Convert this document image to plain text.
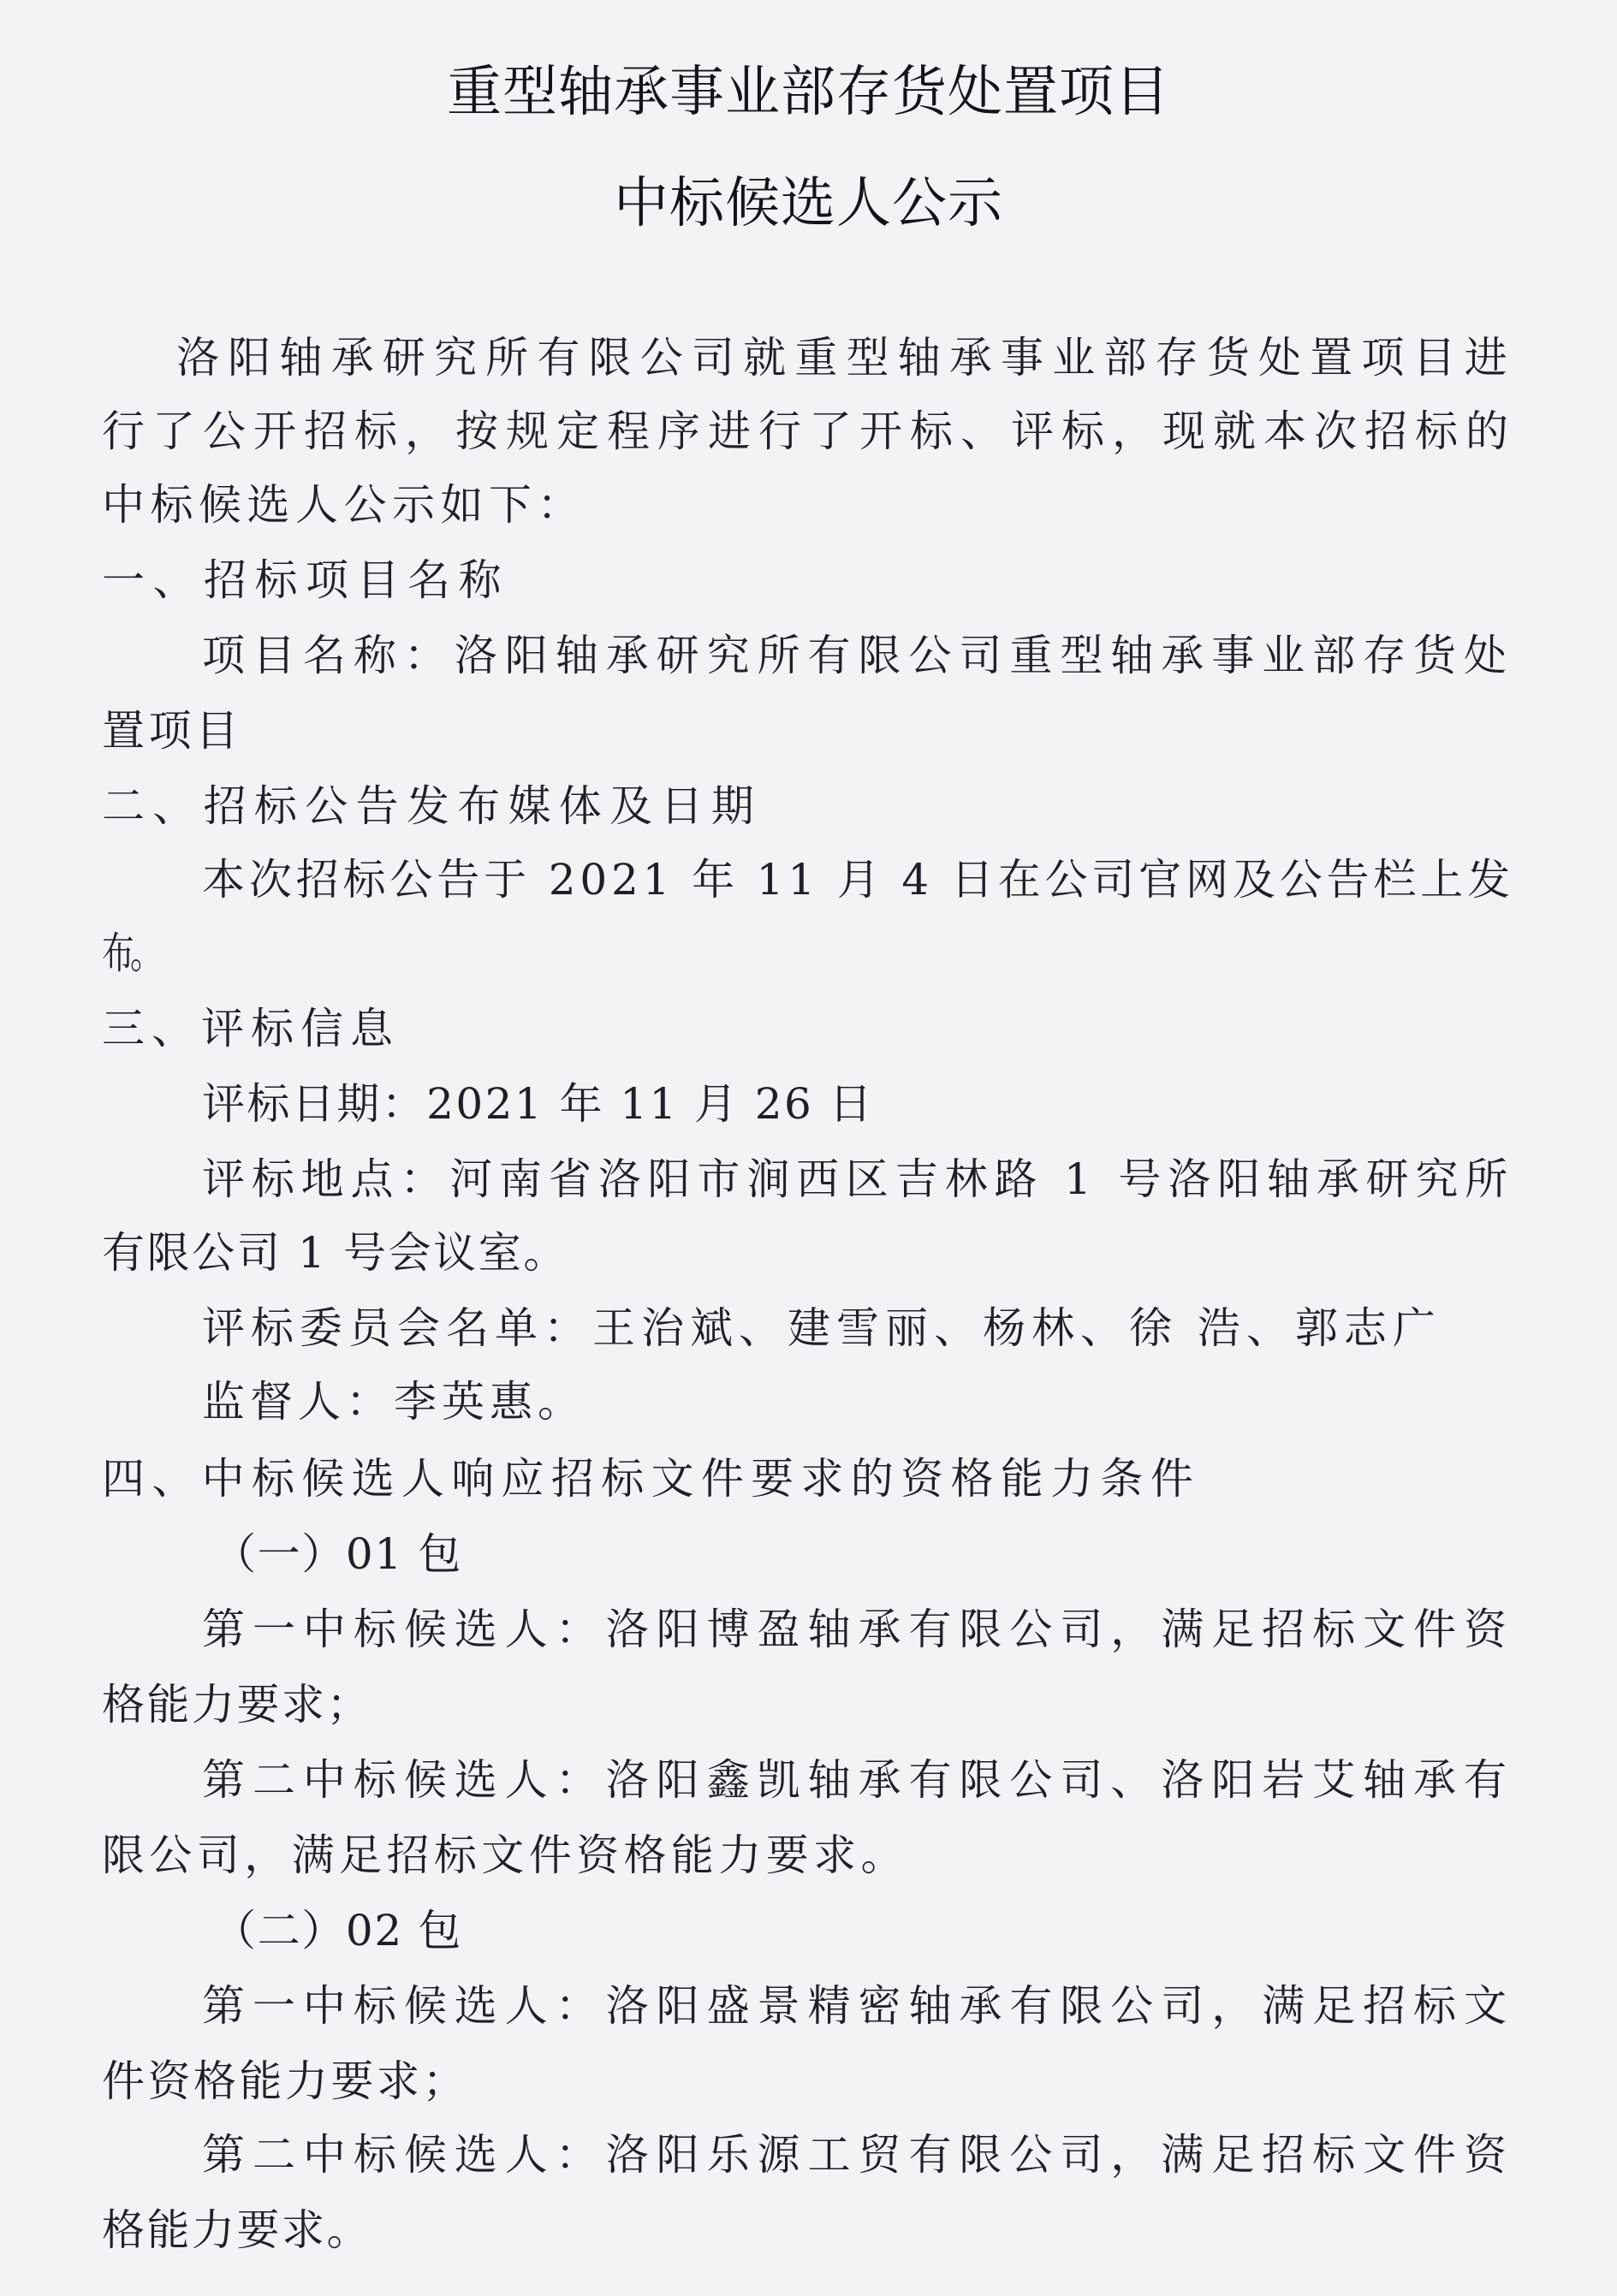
重型轴承事业部存货处置项目
中标候选人公示
洛阳轴承研究所有限公司就重型轴承事业部存货处置项目进
行了公开招标，按规定程序进行了开标、评标，现就本次招标的
中标候选人公示如下：
一、招标项目名称
项目名称：洛阳轴承研究所有限公司重型轴承事业部存货处
置项目
二、招标公告发布媒体及日期
本次招标公告于 2021 年 11 月 4 日在公司官网及公告栏上发
布。
三、评标信息
评标日期：2021 年 11 月 26 日
评标地点：河南省洛阳市涧西区吉林路 1 号洛阳轴承研究所
有限公司 1 号会议室。
评标委员会名单：王治斌、建雪丽、杨林、徐 浩、郭志广
监督人：李英惠。
四、中标候选人响应招标文件要求的资格能力条件
（一）01 包
第一中标候选人：洛阳博盈轴承有限公司，满足招标文件资
格能力要求；
第二中标候选人：洛阳鑫凯轴承有限公司、洛阳岩艾轴承有
限公司，满足招标文件资格能力要求。
（二）02 包
第一中标候选人：洛阳盛景精密轴承有限公司，满足招标文
件资格能力要求；
第二中标候选人：洛阳乐源工贸有限公司，满足招标文件资
格能力要求。
